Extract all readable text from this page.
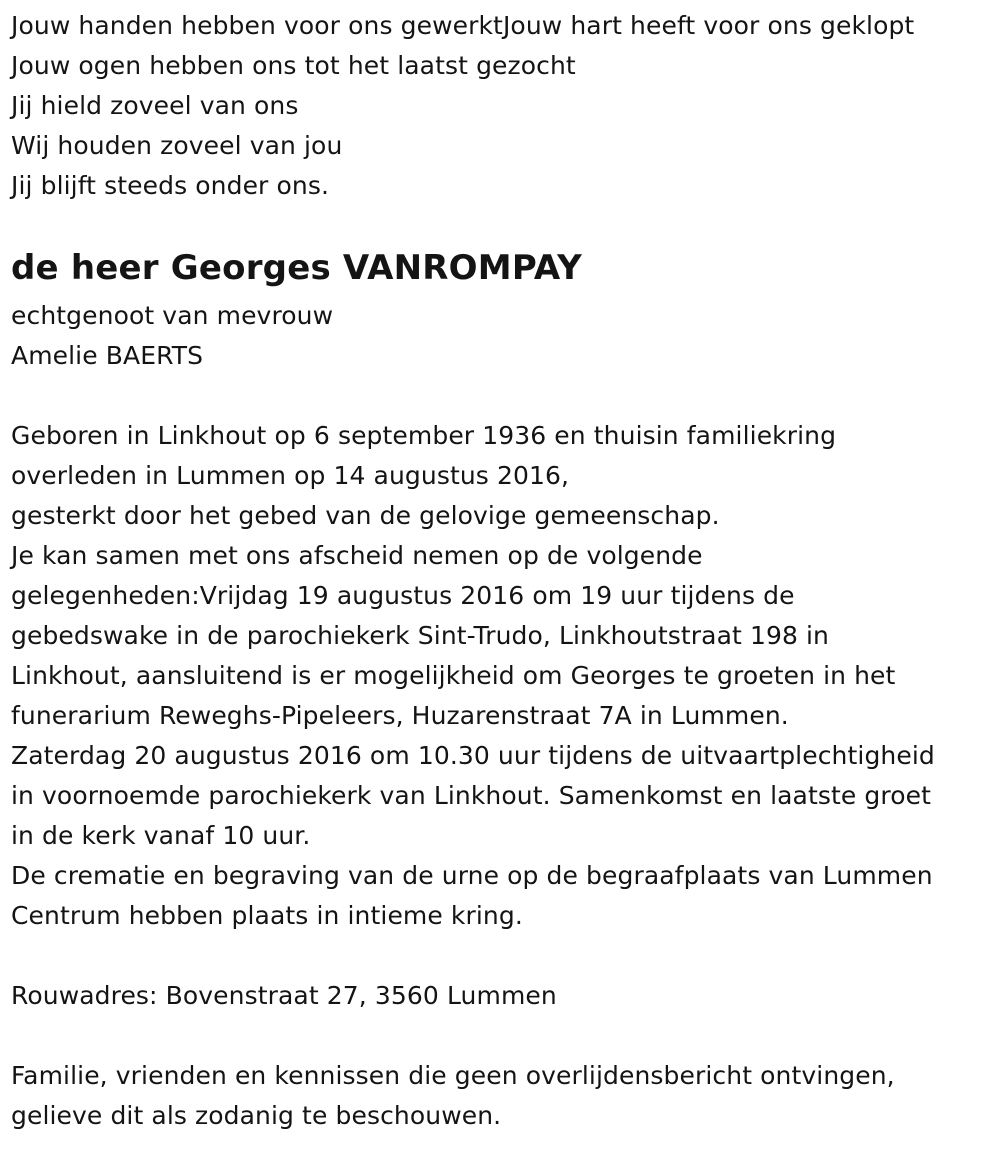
Jouw handen hebben voor ons gewerktJouw hart heeft voor ons geklopt
Jouw ogen hebben ons tot het laatst gezocht
Jij hield zoveel van ons
Wij houden zoveel van jou
Jij blijft steeds onder ons.
de heer Georges VANROMPAY
echtgenoot van mevrouw
Amelie BAERTS
Geboren in Linkhout op 6 september 1936 en thuisin familiekring
overleden in Lummen op 14 augustus 2016,
gesterkt door het gebed van de gelovige gemeenschap.
Je kan samen met ons afscheid nemen op de volgende
gelegenheden:Vrijdag 19 augustus 2016 om 19 uur tijdens de
gebedswake in de parochiekerk Sint-Trudo, Linkhoutstraat 198 in
Linkhout, aansluitend is er mogelijkheid om Georges te groeten in het
funerarium Reweghs-Pipeleers, Huzarenstraat 7A in Lummen.
Zaterdag 20 augustus 2016 om 10.30 uur tijdens de uitvaartplechtigheid
in voornoemde parochiekerk van Linkhout. Samenkomst en laatste groet
in de kerk vanaf 10 uur.
De crematie en begraving van de urne op de begraafplaats van Lummen
Centrum hebben plaats in intieme kring.
Rouwadres: Bovenstraat 27, 3560 Lummen
Familie, vrienden en kennissen die geen overlijdensbericht ontvingen,
gelieve dit als zodanig te beschouwen.
